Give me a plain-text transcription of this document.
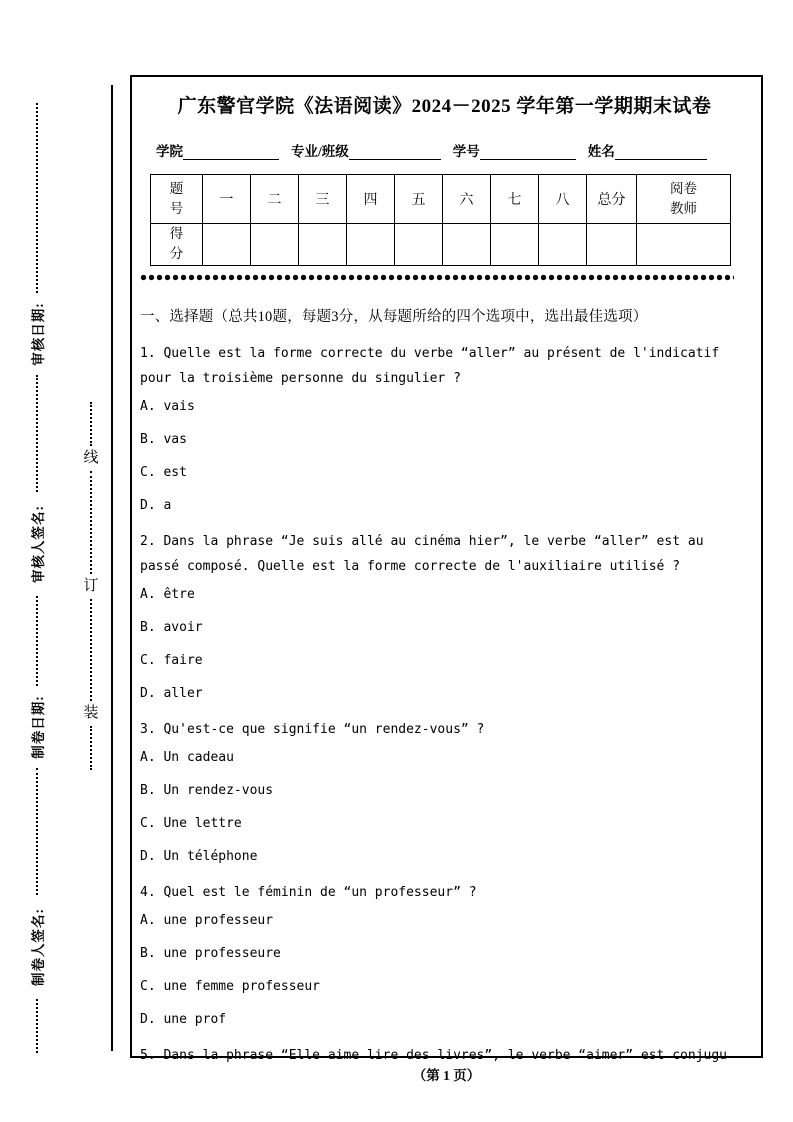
审核日期:
审核人签名:
制卷日期:
制卷人签名:
线
订
装
广东警官学院《法语阅读》2024－2025 学年第一学期期末试卷
学院	专业/班级	学号	姓名
题号	一	二	三	四	五	六	七	八	总分	阅卷教师

得分										

一、选择题（总共10题，每题3分，从每题所给的四个选项中，选出最佳选项）
1. Quelle est la forme correcte du verbe “aller” au présent de l'indicatif pour la troisième personne du singulier ?
A. vais
B. vas
C. est
D. a
2. Dans la phrase “Je suis allé au cinéma hier”, le verbe “aller” est au passé composé. Quelle est la forme correcte de l'auxiliaire utilisé ?
A. être
B. avoir
C. faire
D. aller
3. Qu'est-ce que signifie “un rendez-vous” ?
A. Un cadeau
B. Un rendez-vous
C. Une lettre
D. Un téléphone
4. Quel est le féminin de “un professeur” ?
A. une professeur
B. une professeure
C. une femme professeur
D. une prof
5. Dans la phrase “Elle aime lire des livres”, le verbe “aimer” est conjugu
（第 1 页）
